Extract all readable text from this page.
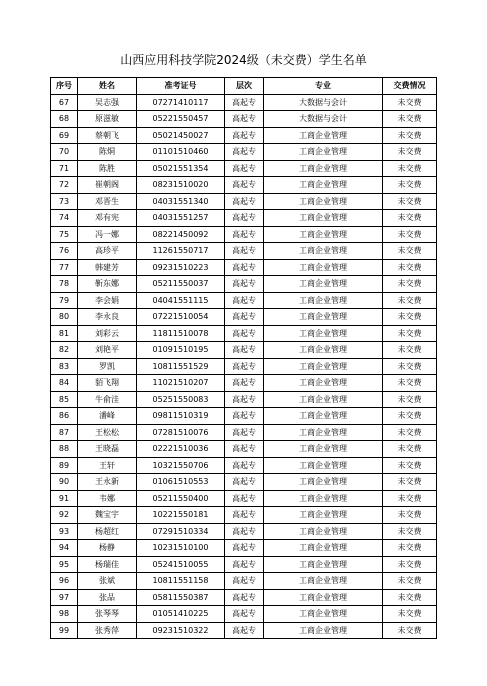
山西应用科技学院2024级（未交费）学生名单
序号	姓名	准考证号	层次	专业	交费情况
67	吴志强	07271410117	高起专	大数据与会计	未交费
68	原滋敏	05221550457	高起专	大数据与会计	未交费
69	蔡朝飞	05021450027	高起专	工商企业管理	未交费
70	陈烔	01101510460	高起专	工商企业管理	未交费
71	陈胜	05021551354	高起专	工商企业管理	未交费
72	崔朝阁	08231510020	高起专	工商企业管理	未交费
73	邓晋生	04031551340	高起专	工商企业管理	未交费
74	邓有宪	04031551257	高起专	工商企业管理	未交费
75	冯一娜	08221450092	高起专	工商企业管理	未交费
76	高珍平	11261550717	高起专	工商企业管理	未交费
77	韩建芳	09231510223	高起专	工商企业管理	未交费
78	靳东娜	05211550037	高起专	工商企业管理	未交费
79	李会娟	04041551115	高起专	工商企业管理	未交费
80	李永良	07221510054	高起专	工商企业管理	未交费
81	刘彩云	11811510078	高起专	工商企业管理	未交费
82	刘艳平	01091510195	高起专	工商企业管理	未交费
83	罗凯	10811551529	高起专	工商企业管理	未交费
84	貊飞翔	11021510207	高起专	工商企业管理	未交费
85	牛俞洼	05251550083	高起专	工商企业管理	未交费
86	潘峰	09811510319	高起专	工商企业管理	未交费
87	王松松	07281510076	高起专	工商企业管理	未交费
88	王晓磊	02221510036	高起专	工商企业管理	未交费
89	王轩	10321550706	高起专	工商企业管理	未交费
90	王永新	01061510553	高起专	工商企业管理	未交费
91	韦娜	05211550400	高起专	工商企业管理	未交费
92	魏宝宇	10221550181	高起专	工商企业管理	未交费
93	杨超红	07291510334	高起专	工商企业管理	未交费
94	杨静	10231510100	高起专	工商企业管理	未交费
95	杨瑞佳	05241510055	高起专	工商企业管理	未交费
96	张斌	10811551158	高起专	工商企业管理	未交费
97	张品	05811550387	高起专	工商企业管理	未交费
98	张琴琴	01051410225	高起专	工商企业管理	未交费
99	张秀萍	09231510322	高起专	工商企业管理	未交费
